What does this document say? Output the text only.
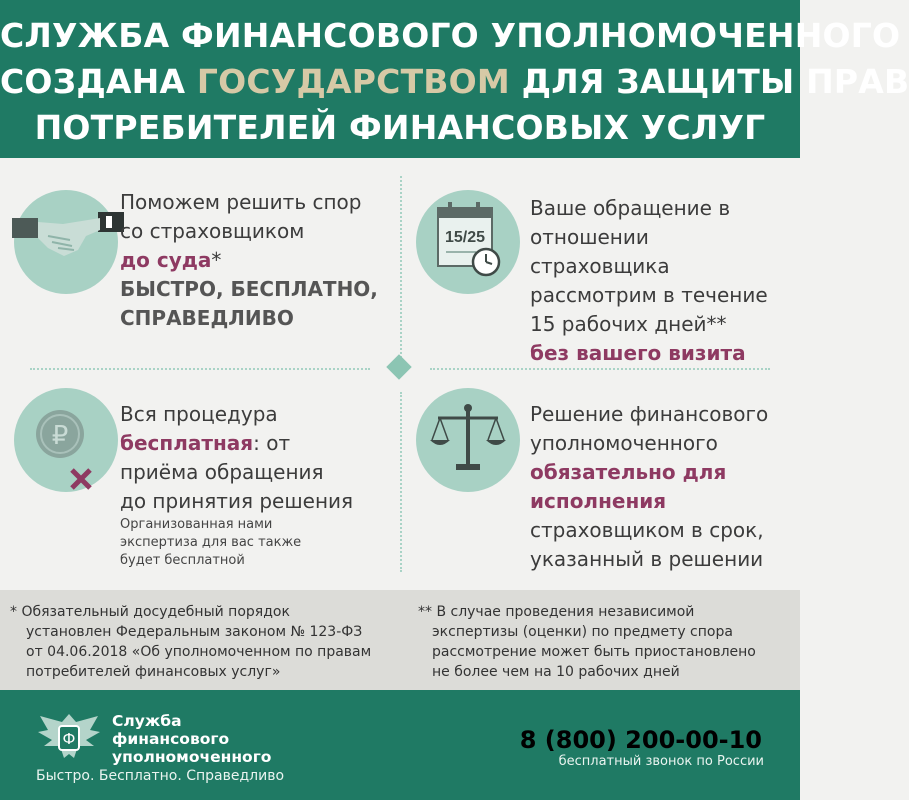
СЛУЖБА ФИНАНСОВОГО УПОЛНОМОЧЕННОГО
СОЗДАНА ГОСУДАРСТВОМ ДЛЯ ЗАЩИТЫ ПРАВ
ПОТРЕБИТЕЛЕЙ ФИНАНСОВЫХ УСЛУГ
Поможем решить спор
со страховщиком
до суда*
БЫСТРО, БЕСПЛАТНО,
СПРАВЕДЛИВО
15/25
Ваше обращение в
отношении
страховщика
рассмотрим в течение
15 рабочих дней**
без вашего визита
₽
Вся процедура
бесплатная: от
приёма обращения
до принятия решения
Организованная нами
экспертиза для вас также
будет бесплатной
Решение финансового
уполномоченного
обязательно для
исполнения
страховщиком в срок,
указанный в решении
* Обязательный досудебный порядок
установлен Федеральным законом № 123-ФЗ
от 04.06.2018 «Об уполномоченном по правам
потребителей финансовых услуг»
** В случае проведения независимой
экспертизы (оценки) по предмету спора
рассмотрение может быть приостановлено
не более чем на 10 рабочих дней
Ф
Служба
финансового
уполномоченного
Быстро. Бесплатно. Справедливо
8 (800) 200-00-10
бесплатный звонок по России
